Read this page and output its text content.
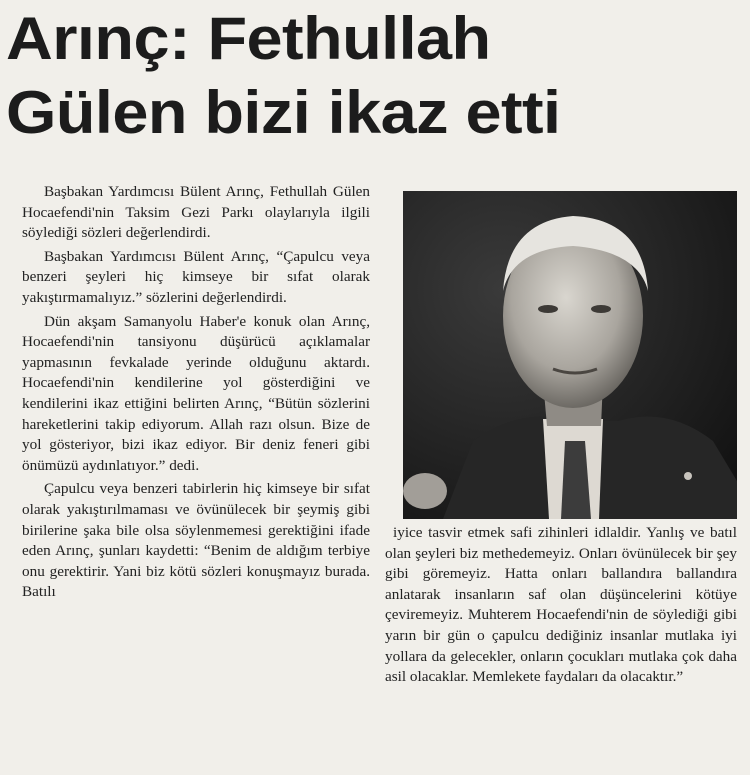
Arınç: Fethullah
Gülen bizi ikaz etti

Başbakan Yardımcısı Bülent Arınç, Fethullah Gülen Hocaefendi'nin Taksim Gezi Parkı olaylarıyla ilgili söylediği sözleri değerlendirdi.

Başbakan Yardımcısı Bülent Arınç, “Çapulcu veya benzeri şeyleri hiç kimseye bir sıfat olarak yakıştırmamalıyız.” sözlerini değerlendirdi.

Dün akşam Samanyolu Haber'e konuk olan Arınç, Hocaefendi'nin tansiyonu düşürücü açıklamalar yapmasının fevkalade yerinde olduğunu aktardı. Hocaefendi'nin kendilerine yol gösterdiğini ve kendilerini ikaz ettiğini belirten Arınç, “Bütün sözlerini hareketlerini takip ediyorum. Allah razı olsun. Bize de yol gösteriyor, bizi ikaz ediyor. Bir deniz feneri gibi önümüzü aydınlatıyor.” dedi.

Çapulcu veya benzeri tabirlerin hiç kimseye bir sıfat olarak yakıştırılmaması ve övünülecek bir şeymiş gibi birilerine şaka bile olsa söylenmemesi gerektiğini ifade eden Arınç, şunları kaydetti: “Benim de aldığım terbiye onu gerektirir. Yani biz kötü sözleri konuşmayız burada. Batılı

iyice tasvir etmek safi zihinleri idlaldir. Yanlış ve batıl olan şeyleri biz methedemeyiz. Onları övünülecek bir şey gibi göremeyiz. Hatta onları ballandıra ballandıra anlatarak insanların saf olan düşüncelerini kötüye çeviremeyiz. Muhterem Hocaefendi'nin de söylediği gibi yarın bir gün o çapulcu dediğiniz insanlar mutlaka iyi yollara da gelecekler, onların çocukları mutlaka çok daha asil olacaklar. Memlekete faydaları da olacaktır.”
